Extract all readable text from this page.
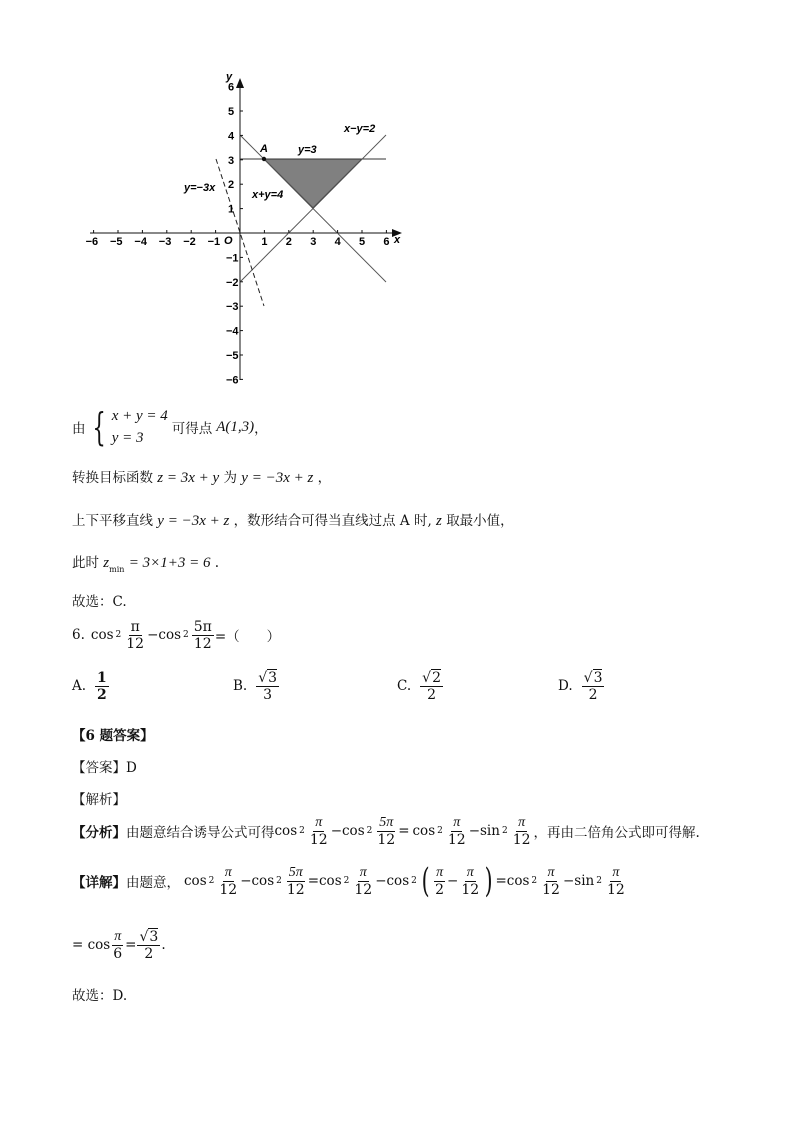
−6 −5 −4 −3 −2 −1	1 2 3 4 5 6
1
2
3
4
5
6
−1
−2
−3
−4
−5
−6
x
y
O
A	y=3
x−y=2
x+y=4
y=−3x
由 { x + y = 4
y = 3
可得点 A(1,3) ，
转换目标函数 z = 3x + y 为 y = −3x + z ，
上下平移直线 y = −3x + z ，数形结合可得当直线过点 A 时, z 取最小值，
此时 $z_{min} = 3\times 1+3 = 6$ .
故选：C.
6. $\cos 2 \frac{\pi}{12} - \cos 2 \frac{5\pi}{12}$ =（　　）
A. $\frac{1}{2}$	B. $\frac{√3}{3}$	C. $\frac{√2}{2}$	D. $\frac{√3}{2}$
【6 题答案】
【答案】D
【解析】
【分析】 由题意结合诱导公式可得 $\cos 2 \frac{\pi}{12} - \cos 2 \frac{5\pi}{12} = \cos 2 \frac{\pi}{12} - \sin 2 \frac{\pi}{12}$ ，再由二倍角公式即可得解.
【详解】 由题意， $\cos 2 \frac{\pi}{12} - \cos 2 \frac{5\pi}{12} = \cos 2 \frac{\pi}{12} - \cos 2$ ( $\frac{\pi}{2} - \frac{\pi}{12}$ ) = $\cos 2 \frac{\pi}{12} - \sin 2 \frac{\pi}{12}$
= $\cos \frac{\pi}{6} = \frac{√3}{2}$ .
故选：D.
